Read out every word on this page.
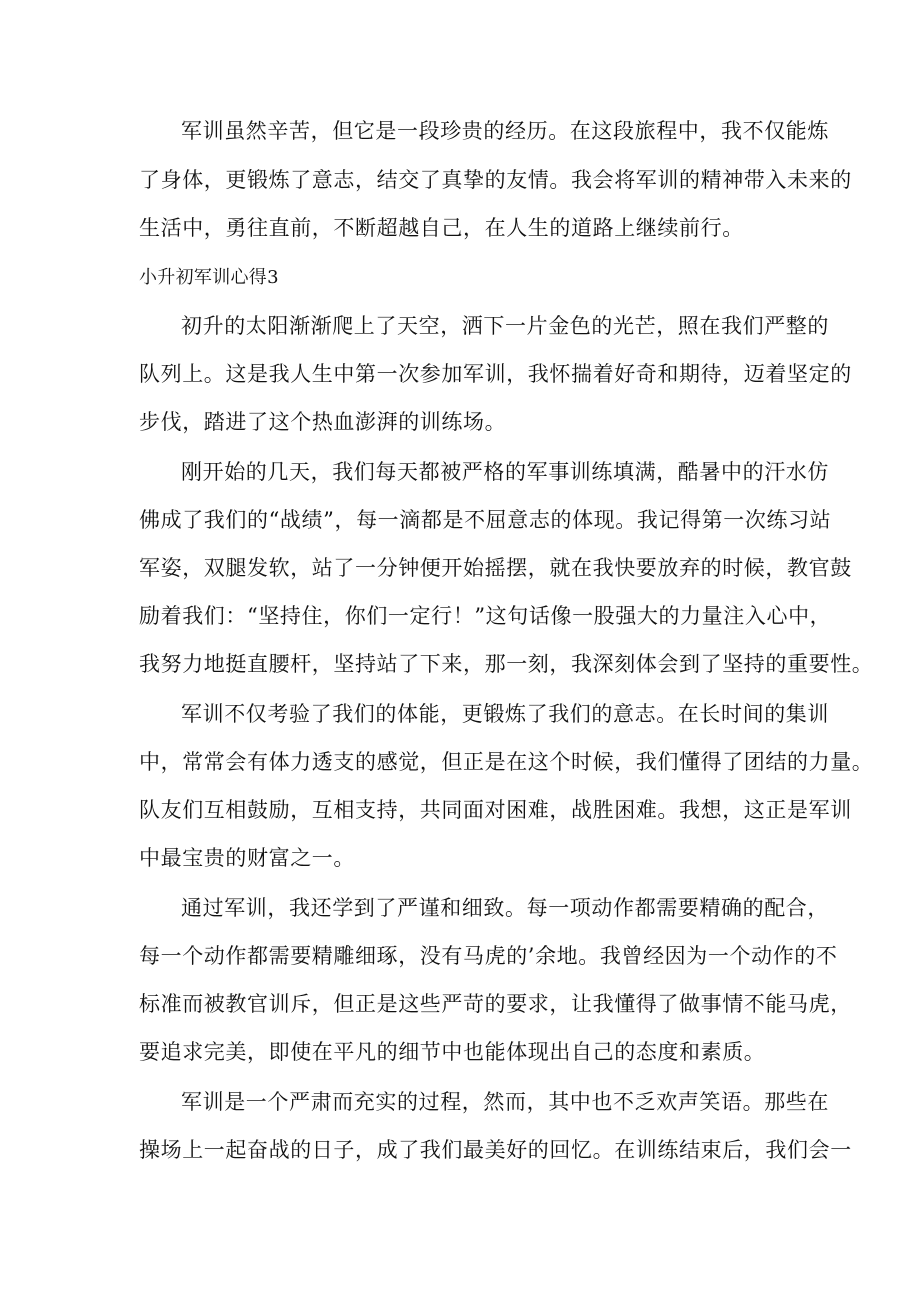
军训虽然辛苦，但它是一段珍贵的经历。在这段旅程中，我不仅能炼

了身体，更锻炼了意志，结交了真挚的友情。我会将军训的精神带入未来的

生活中，勇往直前，不断超越自己，在人生的道路上继续前行。

小升初军训心得3

初升的太阳渐渐爬上了天空，洒下一片金色的光芒，照在我们严整的

队列上。这是我人生中第一次参加军训，我怀揣着好奇和期待，迈着坚定的

步伐，踏进了这个热血澎湃的训练场。

刚开始的几天，我们每天都被严格的军事训练填满，酷暑中的汗水仿

佛成了我们的“战绩”，每一滴都是不屈意志的体现。我记得第一次练习站

军姿，双腿发软，站了一分钟便开始摇摆，就在我快要放弃的时候，教官鼓

励着我们：“坚持住，你们一定行！”这句话像一股强大的力量注入心中，

我努力地挺直腰杆，坚持站了下来，那一刻，我深刻体会到了坚持的重要性。

军训不仅考验了我们的体能，更锻炼了我们的意志。在长时间的集训

中，常常会有体力透支的感觉，但正是在这个时候，我们懂得了团结的力量。

队友们互相鼓励，互相支持，共同面对困难，战胜困难。我想，这正是军训

中最宝贵的财富之一。

通过军训，我还学到了严谨和细致。每一项动作都需要精确的配合，

每一个动作都需要精雕细琢，没有马虎的’余地。我曾经因为一个动作的不

标准而被教官训斥，但正是这些严苛的要求，让我懂得了做事情不能马虎，

要追求完美，即使在平凡的细节中也能体现出自己的态度和素质。

军训是一个严肃而充实的过程，然而，其中也不乏欢声笑语。那些在

操场上一起奋战的日子，成了我们最美好的回忆。在训练结束后，我们会一
